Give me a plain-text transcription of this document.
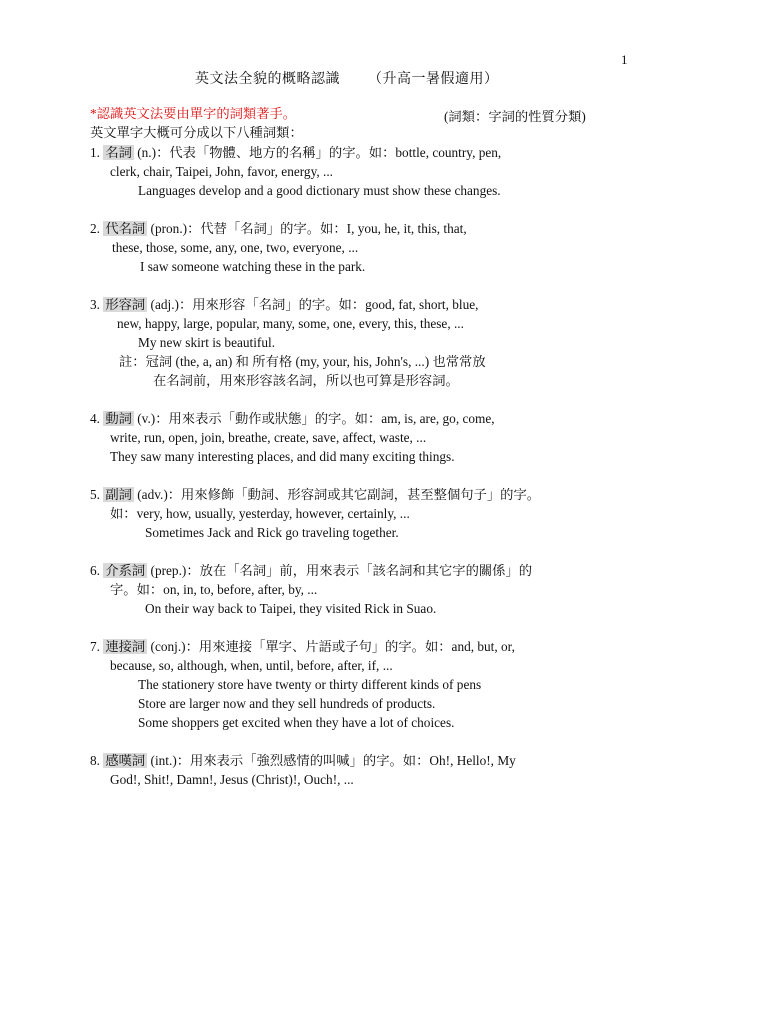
1
英文法全貌的概略認識 （升高一暑假適用）
*認識英文法要由單字的詞類著手。	(詞類：字詞的性質分類)
英文單字大概可分成以下八種詞類：
1. 名詞 (n.)：代表「物體、地方的名稱」的字。如：bottle, country, pen,
clerk, chair, Taipei, John, favor, energy, ...
Languages develop and a good dictionary must show these changes.
2. 代名詞 (pron.)：代替「名詞」的字。如：I, you, he, it, this, that,
these, those, some, any, one, two, everyone, ...
I saw someone watching these in the park.
3. 形容詞 (adj.)：用來形容「名詞」的字。如：good, fat, short, blue,
new, happy, large, popular, many, some, one, every, this, these, ...
My new skirt is beautiful.
註：冠詞 (the, a, an) 和 所有格 (my, your, his, John's, ...) 也常常放
在名詞前，用來形容該名詞，所以也可算是形容詞。
4. 動詞 (v.)：用來表示「動作或狀態」的字。如：am, is, are, go, come,
write, run, open, join, breathe, create, save, affect, waste, ...
They saw many interesting places, and did many exciting things.
5. 副詞 (adv.)：用來修飾「動詞、形容詞或其它副詞，甚至整個句子」的字。
如：very, how, usually, yesterday, however, certainly, ...
Sometimes Jack and Rick go traveling together.
6. 介系詞 (prep.)：放在「名詞」前，用來表示「該名詞和其它字的關係」的
字。如：on, in, to, before, after, by, ...
On their way back to Taipei, they visited Rick in Suao.
7. 連接詞 (conj.)：用來連接「單字、片語或子句」的字。如：and, but, or,
because, so, although, when, until, before, after, if, ...
The stationery store have twenty or thirty different kinds of pens
Store are larger now and they sell hundreds of products.
Some shoppers get excited when they have a lot of choices.
8. 感嘆詞 (int.)：用來表示「強烈感情的叫喊」的字。如：Oh!, Hello!, My
God!, Shit!, Damn!, Jesus (Christ)!, Ouch!, ...
